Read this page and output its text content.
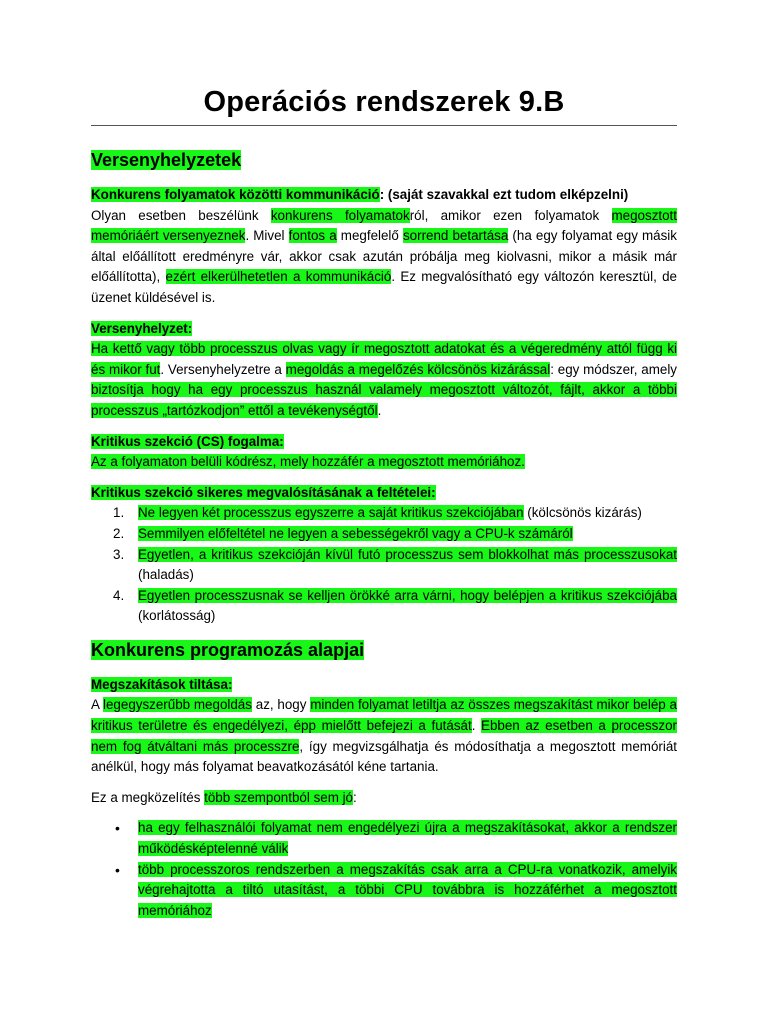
Operációs rendszerek 9.B
Versenyhelyzetek

Konkurens folyamatok közötti kommunikáció: (saját szavakkal ezt tudom elképzelni)

Olyan esetben beszélünk konkurens folyamatokról, amikor ezen folyamatok megosztott memóriáért versenyeznek. Mivel fontos a megfelelő sorrend betartása (ha egy folyamat egy másik által előállított eredményre vár, akkor csak azután próbálja meg kiolvasni, mikor a másik már előállította), ezért elkerülhetetlen a kommunikáció. Ez megvalósítható egy változón keresztül, de üzenet küldésével is.

Versenyhelyzet:

Ha kettő vagy több processzus olvas vagy ír megosztott adatokat és a végeredmény attól függ ki és mikor fut. Versenyhelyzetre a megoldás a megelőzés kölcsönös kizárással: egy módszer, amely biztosítja hogy ha egy processzus használ valamely megosztott változót, fájlt, akkor a többi processzus „tartózkodjon” ettől a tevékenységtől.

Kritikus szekció (CS) fogalma:

Az a folyamaton belüli kódrész, mely hozzáfér a megosztott memóriához.

Kritikus szekció sikeres megvalósításának a feltételei:

1. Ne legyen két processzus egyszerre a saját kritikus szekciójában (kölcsönös kizárás)
2. Semmilyen előfeltétel ne legyen a sebességekről vagy a CPU-k számáról
3. Egyetlen, a kritikus szekcióján kívül futó processzus sem blokkolhat más processzusokat (haladás)
4. Egyetlen processzusnak se kelljen örökké arra várni, hogy belépjen a kritikus szekciójába (korlátosság)
Konkurens programozás alapjai

Megszakítások tiltása:

A legegyszerűbb megoldás az, hogy minden folyamat letiltja az összes megszakítást mikor belép a kritikus területre és engedélyezi, épp mielőtt befejezi a futását. Ebben az esetben a processzor nem fog átváltani más processzre, így megvizsgálhatja és módosíthatja a megosztott memóriát anélkül, hogy más folyamat beavatkozásától kéne tartania.

Ez a megközelítés több szempontból sem jó:

• ha egy felhasználói folyamat nem engedélyezi újra a megszakításokat, akkor a rendszer működésképtelenné válik
• több processzoros rendszerben a megszakítás csak arra a CPU-ra vonatkozik, amelyik végrehajtotta a tiltó utasítást, a többi CPU továbbra is hozzáférhet a megosztott memóriához
